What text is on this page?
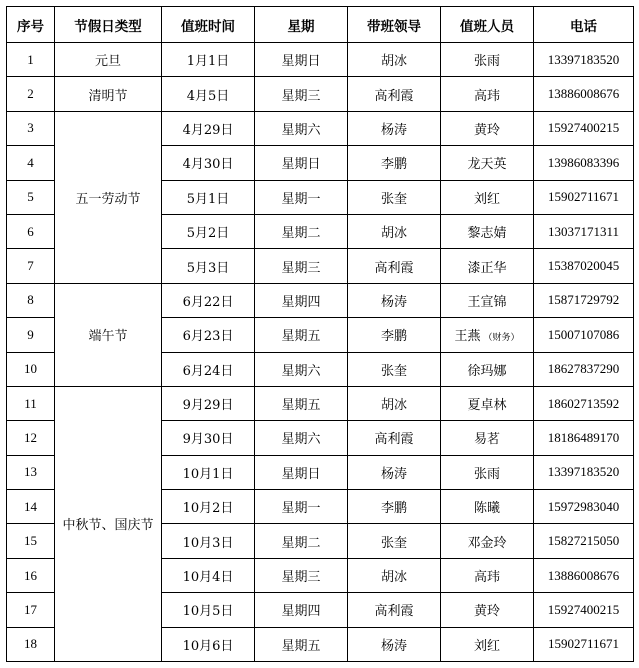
序号	节假日类型	值班时间	星期	带班领导	值班人员	电话
1	元旦	1月1日	星期日	胡冰	张雨	13397183520
2	清明节	4月5日	星期三	高利霞	高玮	13886008676
3	五一劳动节	4月29日	星期六	杨涛	黄玲	15927400215
4		4月30日	星期日	李鹏	龙天英	13986083396
5		5月1日	星期一	张奎	刘红	15902711671
6		5月2日	星期二	胡冰	黎志婧	13037171311
7		5月3日	星期三	高利霞	漆正华	15387020045
8	端午节	6月22日	星期四	杨涛	王宣锦	15871729792
9		6月23日	星期五	李鹏	王燕 （财务）	15007107086
10		6月24日	星期六	张奎	徐玛娜	18627837290
11	中秋节、国庆节	9月29日	星期五	胡冰	夏卓林	18602713592
12		9月30日	星期六	高利霞	易茗	18186489170
13		10月1日	星期日	杨涛	张雨	13397183520
14		10月2日	星期一	李鹏	陈曦	15972983040
15		10月3日	星期二	张奎	邓金玲	15827215050
16		10月4日	星期三	胡冰	高玮	13886008676
17		10月5日	星期四	高利霞	黄玲	15927400215
18		10月6日	星期五	杨涛	刘红	15902711671
